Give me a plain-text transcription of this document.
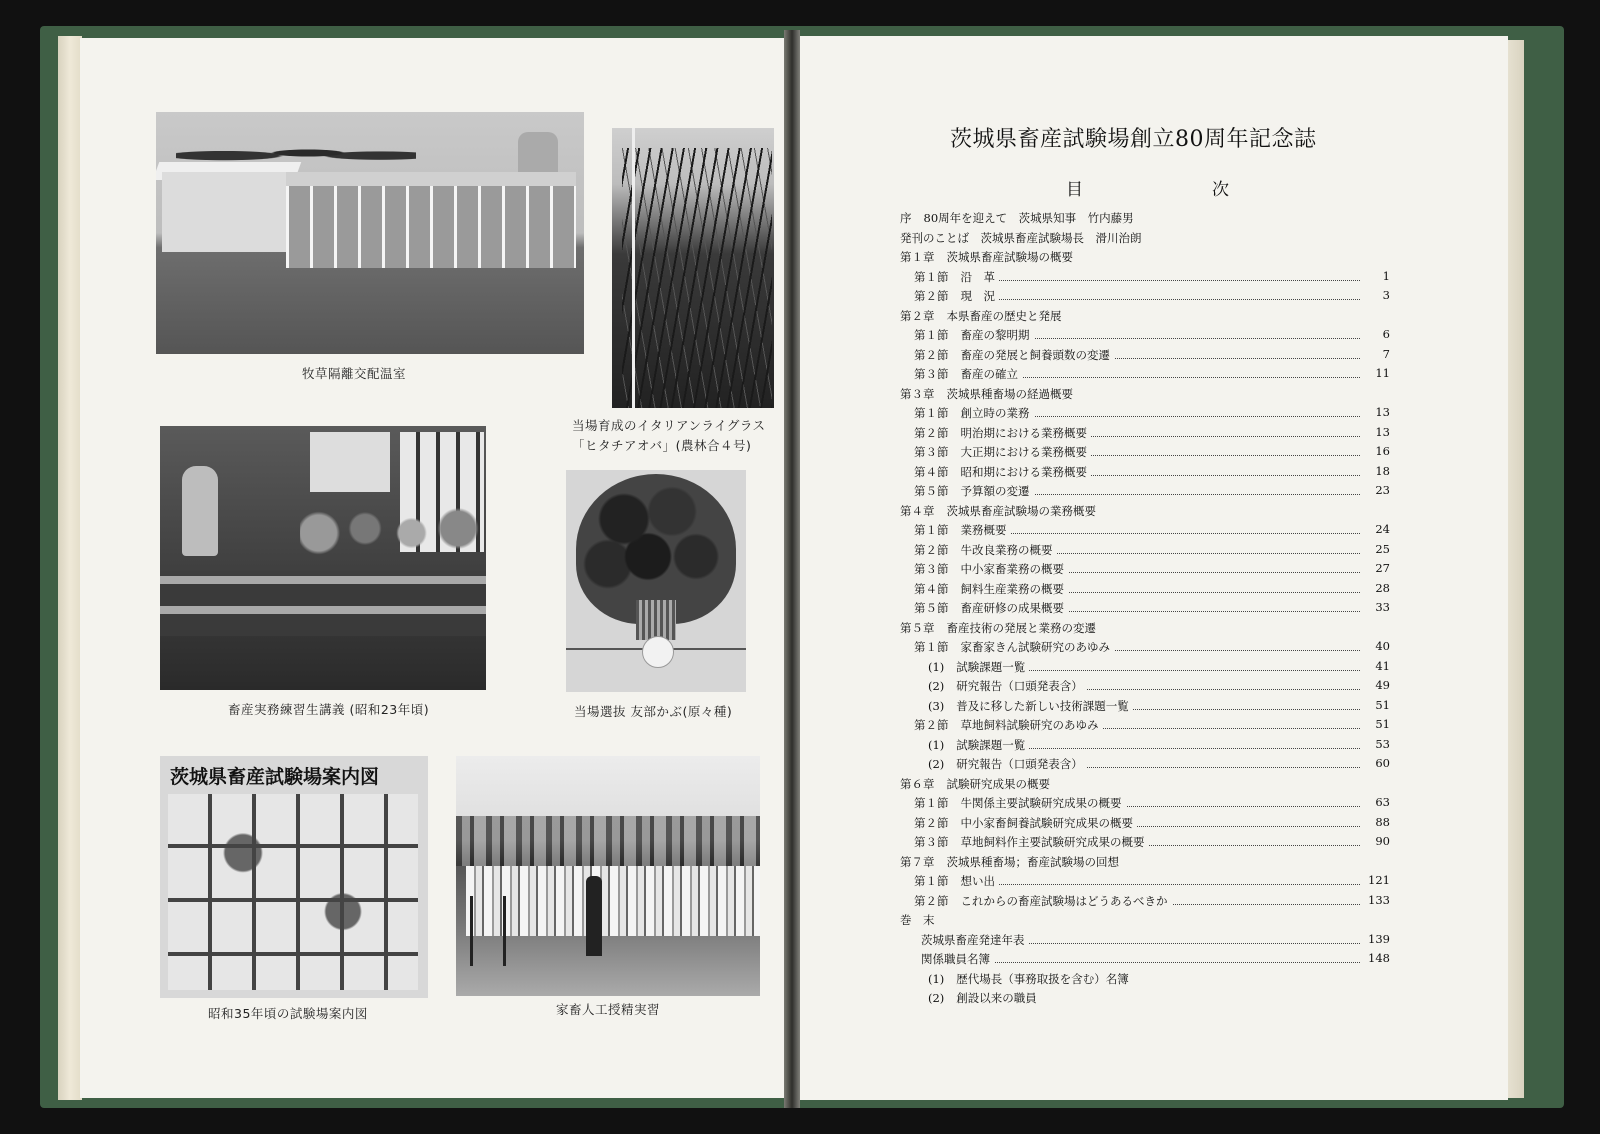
牧草隔離交配温室
当場育成のイタリアンライグラス
「ヒタチアオバ」(農林合４号)
畜産実務練習生講義 (昭和23年頃)	当場選抜 友部かぶ(原々種)
茨城県畜産試験場案内図
昭和35年頃の試験場案内図	家畜人工授精実習
茨城県畜産試験場創立80周年記念誌
目	次
序 80周年を迎えて　茨城県知事　竹内藤男
発刊のことば　茨城県畜産試験場長　滑川治朗
第１章 茨城県畜産試験場の概要
第１節 沿　革	1
第２節 現　況	3
第２章 本県畜産の歴史と発展
第１節 畜産の黎明期	6
第２節 畜産の発展と飼養頭数の変遷	7
第３節 畜産の確立	11
第３章 茨城県種畜場の経過概要
第１節 創立時の業務	13
第２節 明治期における業務概要	13
第３節 大正期における業務概要	16
第４節 昭和期における業務概要	18
第５節 予算額の変遷	23
第４章 茨城県畜産試験場の業務概要
第１節 業務概要	24
第２節 牛改良業務の概要	25
第３節 中小家畜業務の概要	27
第４節 飼料生産業務の概要	28
第５節 畜産研修の成果概要	33
第５章 畜産技術の発展と業務の変遷
第１節 家畜家きん試験研究のあゆみ	40
(1) 試験課題一覧	41
(2) 研究報告（口頭発表含）	49
(3) 普及に移した新しい技術課題一覧	51
第２節 草地飼料試験研究のあゆみ	51
(1) 試験課題一覧	53
(2) 研究報告（口頭発表含）	60
第６章 試験研究成果の概要
第１節 牛関係主要試験研究成果の概要	63
第２節 中小家畜飼養試験研究成果の概要	88
第３節 草地飼料作主要試験研究成果の概要	90
第７章 茨城県種畜場；畜産試験場の回想
第１節 想い出	121
第２節 これからの畜産試験場はどうあるべきか	133
巻　末
茨城県畜産発達年表	139
関係職員名簿	148
(1) 歴代場長（事務取扱を含む）名簿
(2) 創設以来の職員
